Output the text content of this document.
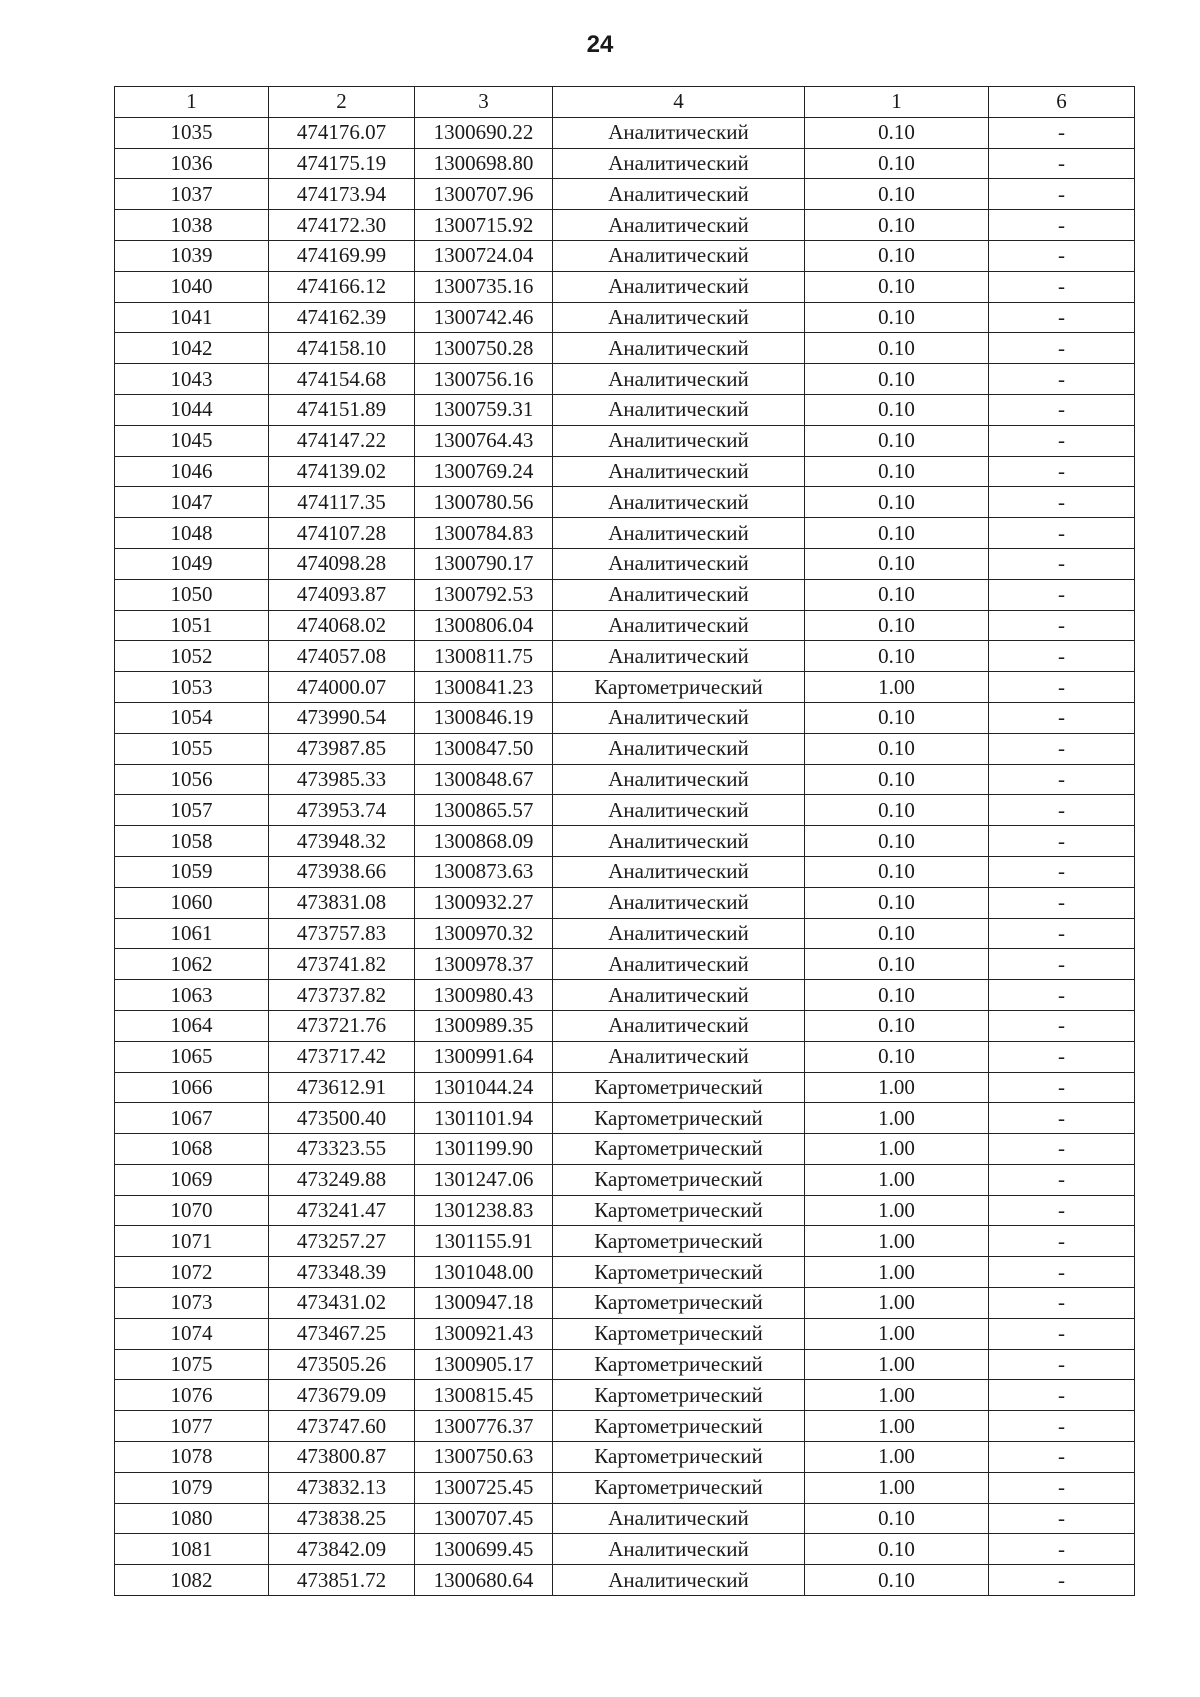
24
1	2	3	4	1	6
1035	474176.07	1300690.22	Аналитический	0.10	-
1036	474175.19	1300698.80	Аналитический	0.10	-
1037	474173.94	1300707.96	Аналитический	0.10	-
1038	474172.30	1300715.92	Аналитический	0.10	-
1039	474169.99	1300724.04	Аналитический	0.10	-
1040	474166.12	1300735.16	Аналитический	0.10	-
1041	474162.39	1300742.46	Аналитический	0.10	-
1042	474158.10	1300750.28	Аналитический	0.10	-
1043	474154.68	1300756.16	Аналитический	0.10	-
1044	474151.89	1300759.31	Аналитический	0.10	-
1045	474147.22	1300764.43	Аналитический	0.10	-
1046	474139.02	1300769.24	Аналитический	0.10	-
1047	474117.35	1300780.56	Аналитический	0.10	-
1048	474107.28	1300784.83	Аналитический	0.10	-
1049	474098.28	1300790.17	Аналитический	0.10	-
1050	474093.87	1300792.53	Аналитический	0.10	-
1051	474068.02	1300806.04	Аналитический	0.10	-
1052	474057.08	1300811.75	Аналитический	0.10	-
1053	474000.07	1300841.23	Картометрический	1.00	-
1054	473990.54	1300846.19	Аналитический	0.10	-
1055	473987.85	1300847.50	Аналитический	0.10	-
1056	473985.33	1300848.67	Аналитический	0.10	-
1057	473953.74	1300865.57	Аналитический	0.10	-
1058	473948.32	1300868.09	Аналитический	0.10	-
1059	473938.66	1300873.63	Аналитический	0.10	-
1060	473831.08	1300932.27	Аналитический	0.10	-
1061	473757.83	1300970.32	Аналитический	0.10	-
1062	473741.82	1300978.37	Аналитический	0.10	-
1063	473737.82	1300980.43	Аналитический	0.10	-
1064	473721.76	1300989.35	Аналитический	0.10	-
1065	473717.42	1300991.64	Аналитический	0.10	-
1066	473612.91	1301044.24	Картометрический	1.00	-
1067	473500.40	1301101.94	Картометрический	1.00	-
1068	473323.55	1301199.90	Картометрический	1.00	-
1069	473249.88	1301247.06	Картометрический	1.00	-
1070	473241.47	1301238.83	Картометрический	1.00	-
1071	473257.27	1301155.91	Картометрический	1.00	-
1072	473348.39	1301048.00	Картометрический	1.00	-
1073	473431.02	1300947.18	Картометрический	1.00	-
1074	473467.25	1300921.43	Картометрический	1.00	-
1075	473505.26	1300905.17	Картометрический	1.00	-
1076	473679.09	1300815.45	Картометрический	1.00	-
1077	473747.60	1300776.37	Картометрический	1.00	-
1078	473800.87	1300750.63	Картометрический	1.00	-
1079	473832.13	1300725.45	Картометрический	1.00	-
1080	473838.25	1300707.45	Аналитический	0.10	-
1081	473842.09	1300699.45	Аналитический	0.10	-
1082	473851.72	1300680.64	Аналитический	0.10	-
